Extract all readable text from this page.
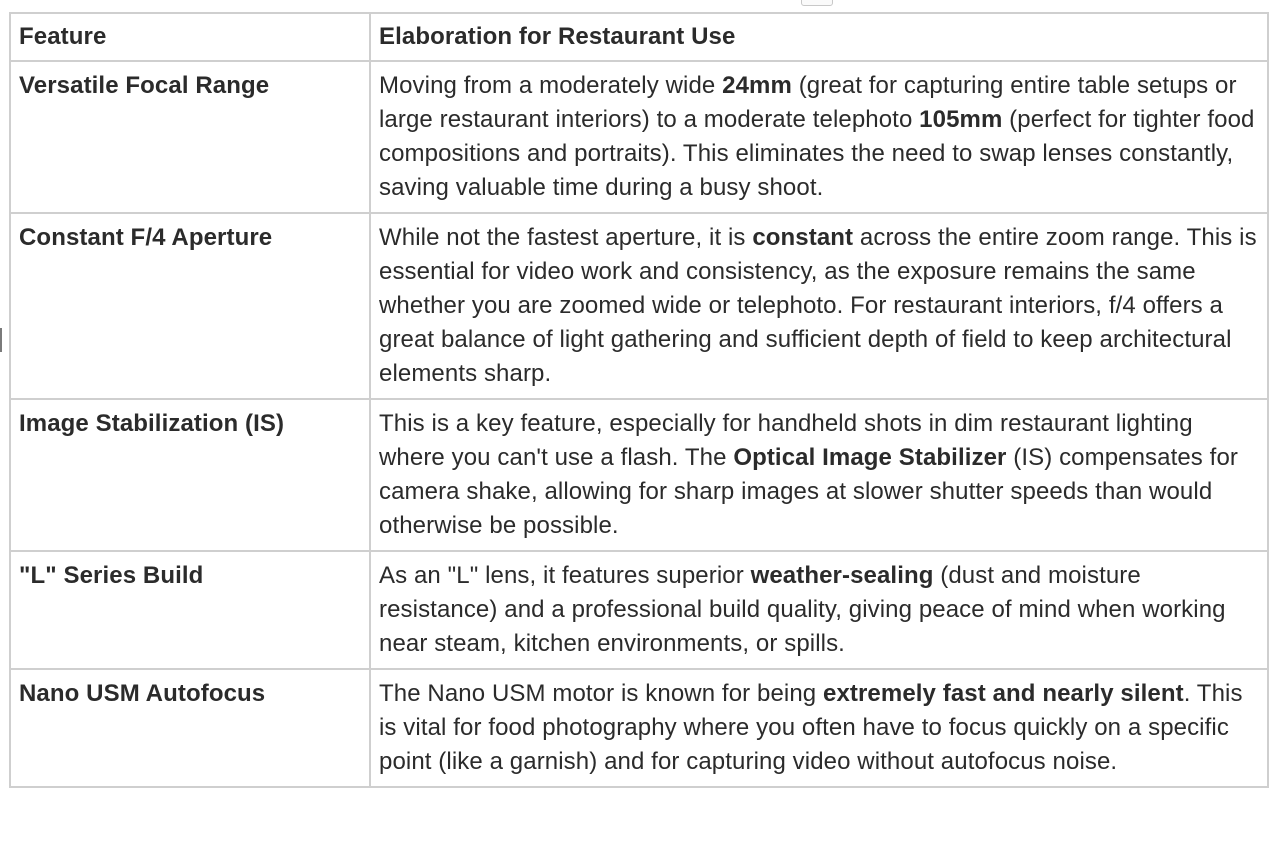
Feature	Elaboration for Restaurant Use
Versatile Focal Range	Moving from a moderately wide 24mm (great for capturing entire table setups or large restaurant interiors) to a moderate telephoto 105mm (perfect for tighter food compositions and portraits). This eliminates the need to swap lenses constantly, saving valuable time during a busy shoot.
Constant F/4 Aperture	While not the fastest aperture, it is constant across the entire zoom range. This is essential for video work and consistency, as the exposure remains the same whether you are zoomed wide or telephoto. For restaurant interiors, f/4 offers a great balance of light gathering and sufficient depth of field to keep architectural elements sharp.
Image Stabilization (IS)	This is a key feature, especially for handheld shots in dim restaurant lighting where you can't use a flash. The Optical Image Stabilizer (IS) compensates for camera shake, allowing for sharp images at slower shutter speeds than would otherwise be possible.
"L" Series Build	As an "L" lens, it features superior weather-sealing (dust and moisture resistance) and a professional build quality, giving peace of mind when working near steam, kitchen environments, or spills.
Nano USM Autofocus	The Nano USM motor is known for being extremely fast and nearly silent. This is vital for food photography where you often have to focus quickly on a specific point (like a garnish) and for capturing video without autofocus noise.
